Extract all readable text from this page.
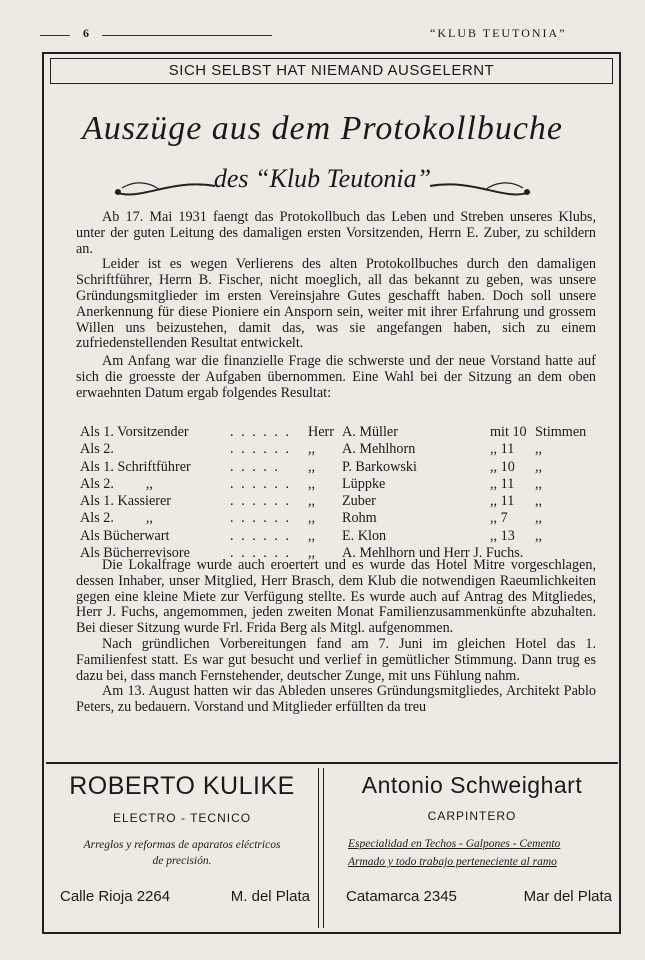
6	“KLUB TEUTONIA”
SICH SELBST HAT NIEMAND AUSGELERNT
Auszüge aus dem Protokollbuche
des “Klub Teutonia”

Ab 17. Mai 1931 faengt das Protokollbuch das Leben und Streben unseres Klubs, unter der guten Leitung des damaligen ersten Vorsitzenden, Herrn E. Zuber, zu schildern an.

Leider ist es wegen Verlierens des alten Protokollbuches durch den damaligen Schriftführer, Herrn B. Fischer, nicht moeglich, all das bekannt zu geben, was unsere Gründungsmitglieder im ersten Vereinsjahre Gutes geschafft haben. Doch soll unsere Anerkennung für diese Pioniere ein Ansporn sein, weiter mit ihrer Erfahrung und grossem Willen uns beizustehen, damit das, was sie angefangen haben, sich zu einem zufriedenstellenden Resultat entwickelt.

Am Anfang war die finanzielle Frage die schwerste und der neue Vorstand hatte auf sich die groesste der Aufgaben übernommen. Eine Wahl bei der Sitzung an dem oben erwaehnten Datum ergab folgendes Resultat:

Als 1. Vorsitzender	. . . . . . Herr A. Müller	mit 10 Stimmen
Als 2.	. . . . . . ,, A. Mehlhorn	,, 11 ,,
Als 1. Schriftführer	. . . . . ,, P. Barkowski	,, 10 ,,
Als 2.         ,,	. . . . . . ,, Lüppke	,, 11 ,,
Als 1. Kassierer	. . . . . . ,, Zuber	,, 11 ,,
Als 2.         ,,	. . . . . . ,, Rohm	,, 7 ,,
Als Bücherwart	. . . . . . ,, E. Klon	,, 13 ,,
Als Bücherrevisore	. . . . . . ,, A. Mehlhorn und Herr J. Fuchs.

Die Lokalfrage wurde auch eroertert und es wurde das Hotel Mitre vorgeschlagen, dessen Inhaber, unser Mitglied, Herr Brasch, dem Klub die notwendigen Raeumlichkeiten gegen eine kleine Miete zur Verfügung stellte. Es wurde auch auf Antrag des Mitgliedes, Herr J. Fuchs, angemommen, jeden zweiten Monat Familienzusammenkünfte abzuhalten. Bei dieser Sitzung wurde Frl. Frida Berg als Mitgl. aufgenommen.

Nach gründlichen Vorbereitungen fand am 7. Juni im gleichen Hotel das 1. Familienfest statt. Es war gut besucht und verlief in gemütlicher Stimmung. Dann trug es dazu bei, dass manch Fernstehender, deutscher Zunge, mit uns Fühlung nahm.

Am 13. August hatten wir das Ableden unseres Gründungsmitgliedes, Architekt Pablo Peters, zu bedauern. Vorstand und Mitglieder erfüllten da treu

ROBERTO KULIKE
ELECTRO - TECNICO
Arreglos y reformas de aparatos eléctricos
de precisión.
Calle Rioja 2264	M. del Plata
Antonio Schweighart
CARPINTERO
Especialidad en Techos - Galpones - Cemento
Armado y todo trabajo perteneciente al ramo
Catamarca 2345	Mar del Plata
